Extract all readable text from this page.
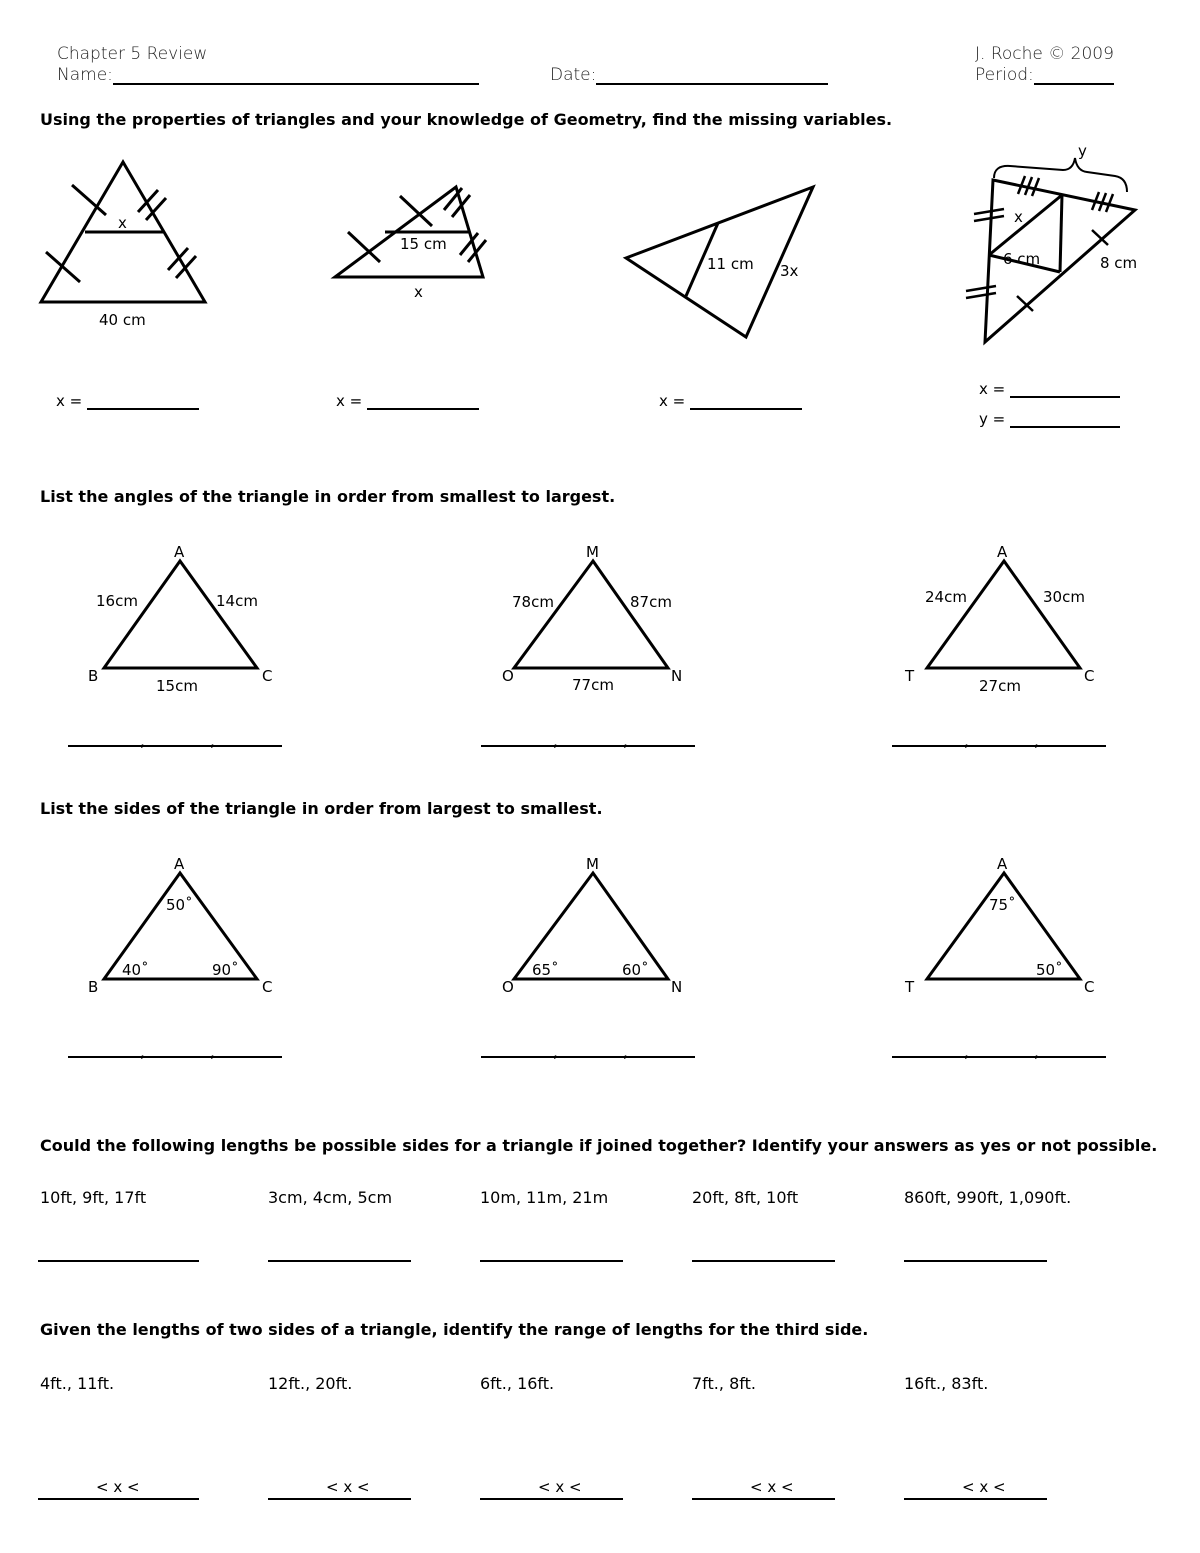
Chapter 5 Review
Name:	Date:
J. Roche © 2009
Period:
Using the properties of triangles and your knowledge of Geometry, find the missing variables.
x
40 cm
15 cm
x
11 cm 3x
y
x
6 cm	8 cm
x =	x =	x =
x =
y =
List the angles of the triangle in order from smallest to largest.
A
B	C
16cm	14cm
15cm
M
O	N
78cm	87cm
77cm
A
T	C
24cm	30cm
27cm
A
B	C
50˚
40˚	90˚
M
O	N
65˚	60˚
A
T	C
75˚
50˚
,	,	,	,	,	,
List the sides of the triangle in order from largest to smallest.
,	,	,	,	,	,
Could the following lengths be possible sides for a triangle if joined together? Identify your answers as yes or not possible.
10ft, 9ft, 17ft	3cm, 4cm, 5cm	10m, 11m, 21m	20ft, 8ft, 10ft	860ft, 990ft, 1,090ft.
Given the lengths of two sides of a triangle, identify the range of lengths for the third side.
4ft., 11ft.	12ft., 20ft.	6ft., 16ft.	7ft., 8ft.	16ft., 83ft.
< x <	< x <	< x <	< x <	< x <
